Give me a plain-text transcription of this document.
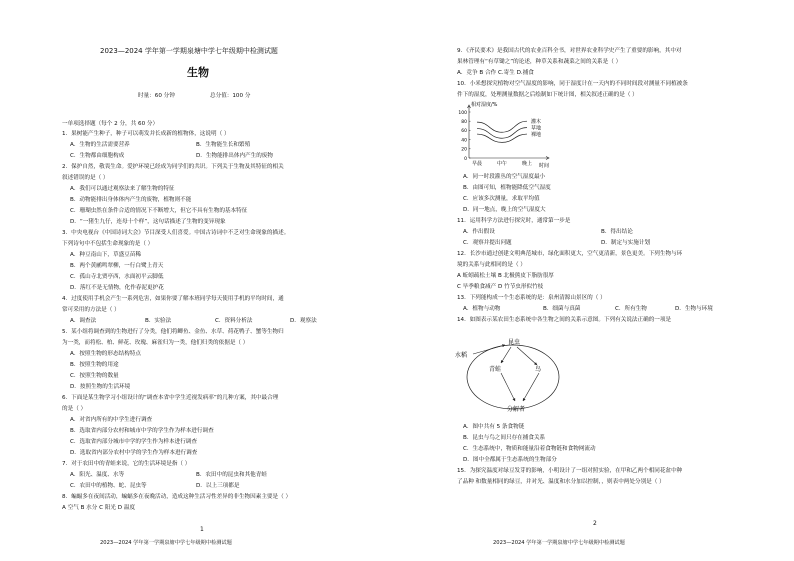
2023—2024 学年第一学期泉塘中学七年级期中检测试题
生物
时量：60 分钟	总分值：100 分
一单项选择题（每个 2 分，共 60 分）
1．果树能产生种子，种子可以萌发并长成新的植物体，这说明（ ）
A．生物的生活需要营养	B．生物能生长和繁殖
C．生物都由细胞构成	D．生物能排出体内产生的废物
2．保护自然，敬畏生命。爱护环境已经成为同学们的共识。下列关于生物及其特征的相关
叙述错误的是（ ）
A．我们可以通过观察法来了解生物的特征
B．动物能排出身体体内产生的废物，植物则不能
C．珊瑚虫然在条件合适的情况下不断增大，但它不具有生物的基本特征
D．“一猪生九仔，连母十个样”，这句话描述了生物的变异现象
3．中央电视台《中国诗词大会》节目深受人们喜爱。中国古诗词中不乏对生命现象的描述。
下列诗句中不包括生命现象的是（ ）
A．种豆南山下，草盛豆苗稀
B．两个黄鹂鸣翠柳，一行白鹭上青天
C．孤山寺北贾亭西，水面初平云脚低
D．落红不是无情物，化作春泥更护花
4．过度使用手机会产生一系列危害，如果你要了解本班同学每天使用手机的平均时间，通
常可采用的方法是（ ）
A．调查法	B．实验法	C．资料分析法	D．观察法
5．某小组将调查到的生物进行了分类，他们将鲫鱼、金鱼、水草、荷花鸭子、蟹等生物归
为一类，而将松、柏、鲜花、玫瑰、麻雀归为一类，他们归类的依据是（ ）
A．按照生物的形态结构特点
B．按照生物的用途
C．按照生物的数量
D．按照生物的生活环境
6．下面是某生物学习小组设计的“调查本省中学生近视发病率”的几种方案，其中最合理
的是（ ）
A．对省内所有的中学生进行调查
B．选取省内部分农村和城市中学的学生作为样本进行调查
C．选取省内部分城市中学的学生作为样本进行调查
D．选取省内部分农村中学的学生作为样本进行调查
7．对于农田中的青蛙来说，它的生活环境是指（ ）
A．阳光、温度、水等	B．农田中的昆虫和其他青蛙
C．农田中的植物、蛇、昆虫等	D．以上三项都是
8．蝙蝠多在夜间活动，蝙蝠多在夜晚活动，造成这种生活习性差异的非生物因素主要是（ ）
A 空气 B 水分 C 阳光 D 温度
1
2023—2024 学年第一学期泉塘中学七年级期中检测试题
9．《齐民要术》是我国古代的农业百科全书，对世界农业科学史产生了重要的影响，其中对
果林管理有“有草锄之”的论述，种草关系和蔬菜之间的关系是（ ）
A．竞争 B 合作 C.寄生 D.捕食
10．小米想探究植物对空气湿度的影响，同于湿度计在一天内的不同时间段对测量不同植被条
件下的湿度，处理测量数据之后绘制如下统计图，相关叙述正确的是（ ）
相对湿度/%
0
20
40
60
80
100
早晨	中午	晚上 时间
灌木
草地
裸地
A．同一时段灌丛的空气湿度最小
B．由图可知，植物能降低空气湿度
C．应该多次测量，求取平均值
D．同一地点，晚上的空气湿度大
11．运用科学方法进行探究时，通常第一步是
A．作出假设	B．得出结论
C．观察并提出问题	D．制定与实施计划
12．长沙市通过创建文明典范城市，绿化面积更大，空气更清新，景色更美。下列生物与环
境的关系与此相同的是（ ）
A 蚯蚓疏松土壤 B 北极熊皮下脂肪很厚
C 旱季粮食减产 D 竹节虫形似竹枝
13．下列能构成一个生态系统的是：泉州清源山景区的（ ）
A．植物与动物	B．细菌与真菌	C．所有生物	D．生物与环境
14．如图表示某农田生态系统中各生物之间的关系示意图。下列有关说法正确的一项是
水稻
昆虫
青蛙	鸟
分解者
A．图中共有 5 条食物链
B．昆虫与鸟之间只存在捕食关系
C．生态系统中，物质和能量沿着食物链和食物网流动
D．图中全都属于生态系统的生物部分
15．为探究温度对绿豆发芽的影响，小明设计了一组对照实验，在甲和乙两个相同花盆中种
了品种 和数量相同的绿豆，并对光、温度和水分加以控制，，则表中两处分别是（ ）
2
2023—2024 学年第一学期泉塘中学七年级期中检测试题
